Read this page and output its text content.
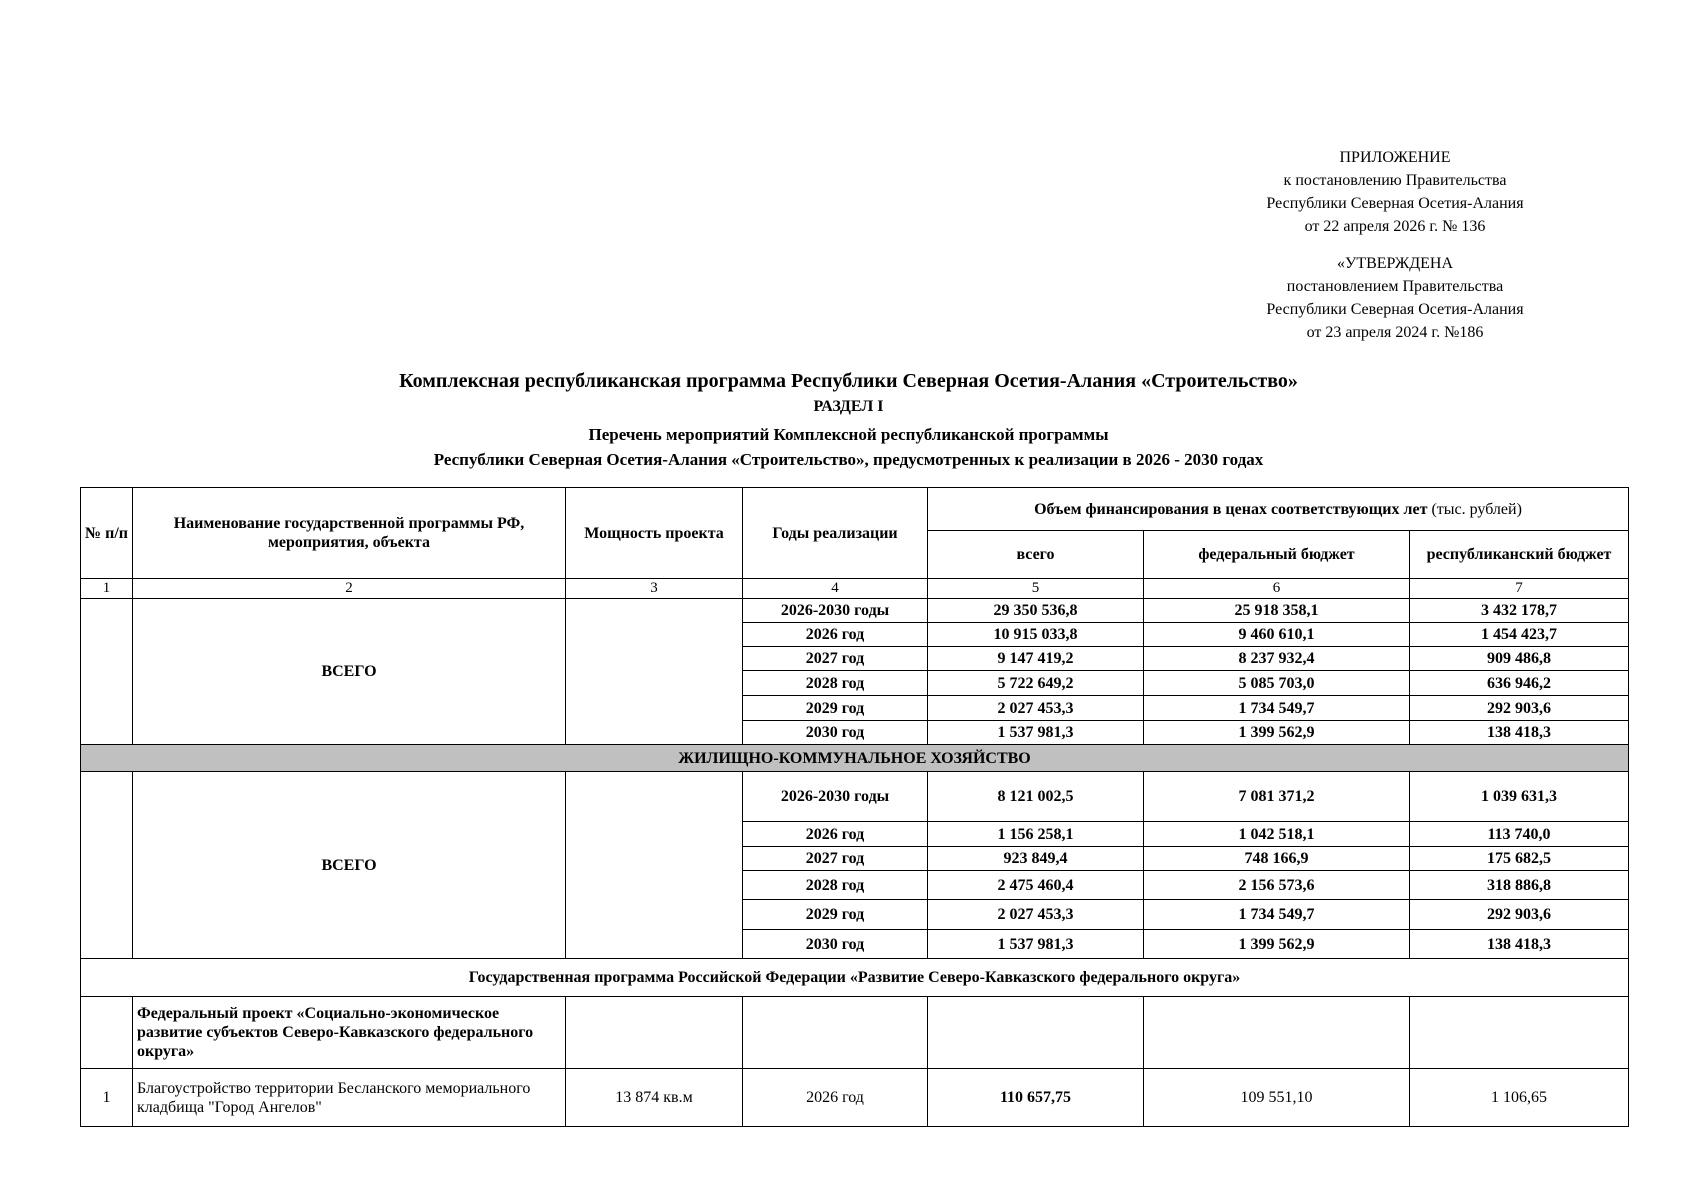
ПРИЛОЖЕНИЕ
к постановлению Правительства
Республики Северная Осетия-Алания
от 22 апреля 2026 г. № 136
«УТВЕРЖДЕНА
постановлением Правительства
Республики Северная Осетия-Алания
от 23 апреля 2024 г. №186
Комплексная республиканская программа Республики Северная Осетия-Алания «Строительство»
РАЗДЕЛ I
Перечень мероприятий Комплексной республиканской программы
Республики Северная Осетия-Алания «Строительство», предусмотренных к реализации в 2026 - 2030 годах
№ п/п	Наименование государственной программы РФ, мероприятия, объекта	Мощность проекта	Годы реализации	Объем финансирования в ценах соответствующих лет (тыс. рублей)		
				всего	федеральный бюджет	республиканский бюджет
1	2	3	4	5	6	7
	ВСЕГО		2026-2030 годы	29 350 536,8	25 918 358,1	3 432 178,7
			2026 год	10 915 033,8	9 460 610,1	1 454 423,7
			2027 год	9 147 419,2	8 237 932,4	909 486,8
			2028 год	5 722 649,2	5 085 703,0	636 946,2
			2029 год	2 027 453,3	1 734 549,7	292 903,6
			2030 год	1 537 981,3	1 399 562,9	138 418,3
ЖИЛИЩНО-КОММУНАЛЬНОЕ ХОЗЯЙСТВО						
	ВСЕГО		2026-2030 годы	8 121 002,5	7 081 371,2	1 039 631,3
			2026 год	1 156 258,1	1 042 518,1	113 740,0
			2027 год	923 849,4	748 166,9	175 682,5
			2028 год	2 475 460,4	2 156 573,6	318 886,8
			2029 год	2 027 453,3	1 734 549,7	292 903,6
			2030 год	1 537 981,3	1 399 562,9	138 418,3
Государственная программа Российской Федерации «Развитие Северо-Кавказского федерального округа»						
	Федеральный проект «Социально-экономическое развитие субъектов Северо-Кавказского федерального округа»					
1	Благоустройство территории Бесланского мемориального кладбища "Город Ангелов"	13 874 кв.м	2026 год	110 657,75	109 551,10	1 106,65
